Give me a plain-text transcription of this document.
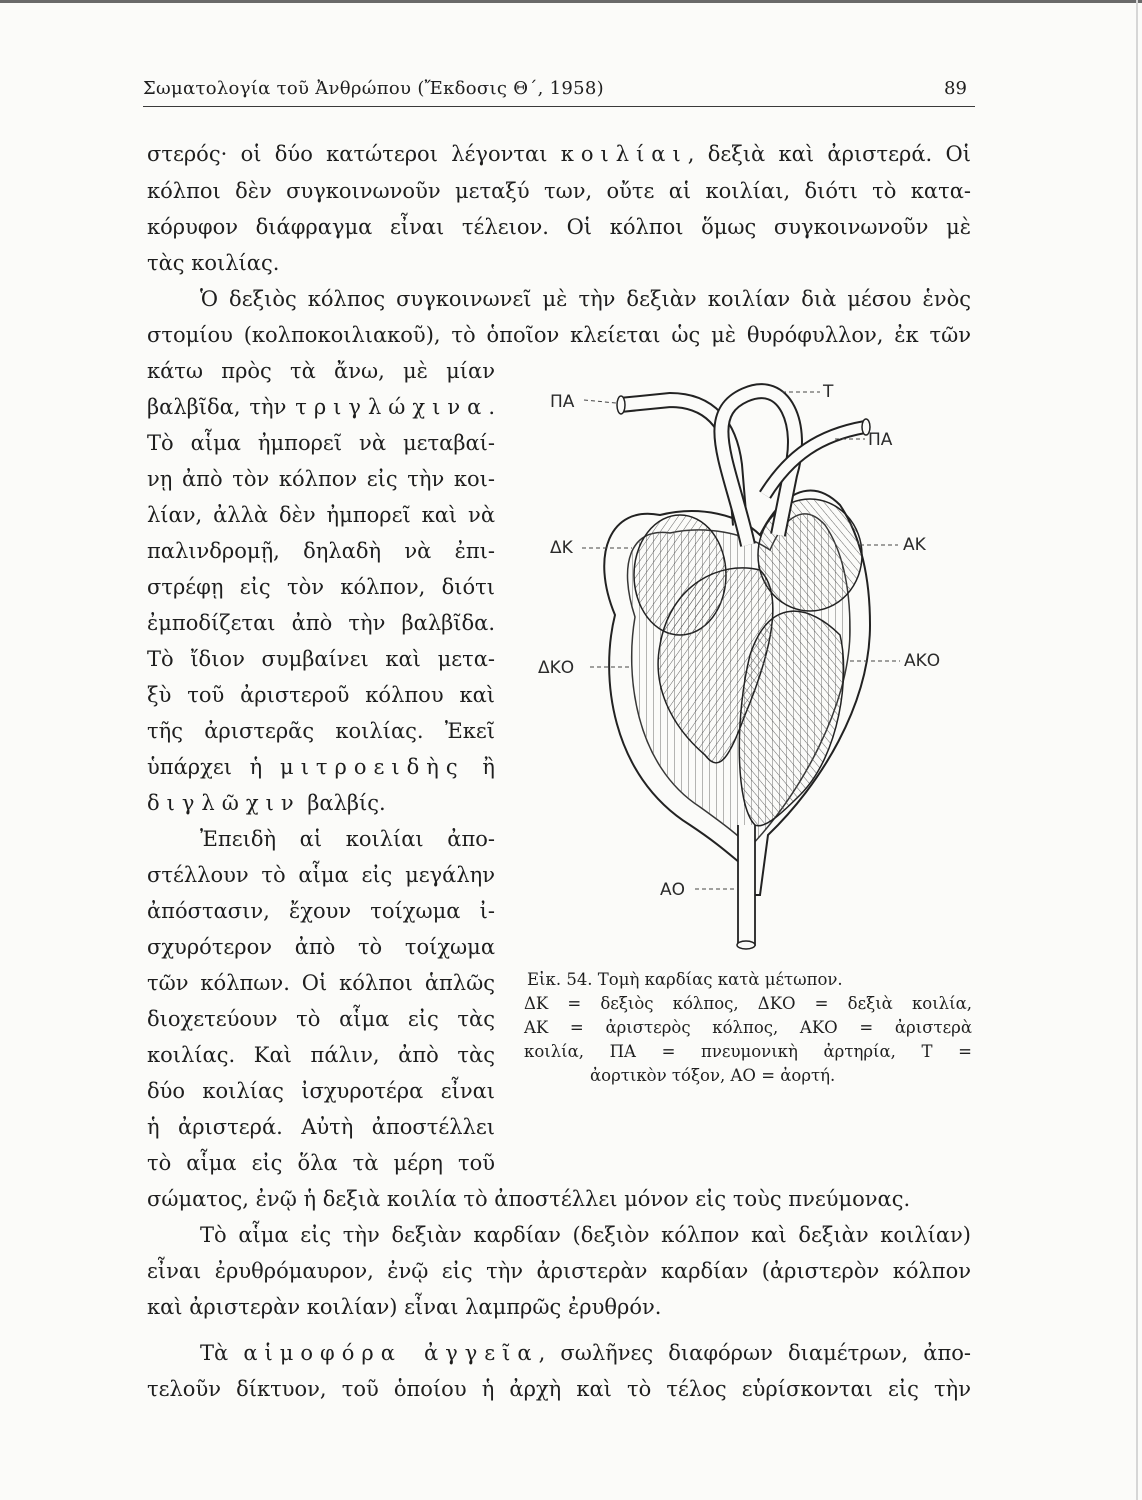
Σωματολογία τοῦ Ἀνθρώπου (Ἔκδοσις Θ΄, 1958)	89
στερός· οἱ δύο κατώτεροι λέγονται κοιλίαι, δεξιὰ καὶ ἀριστερά. Οἱ
κόλποι δὲν συγκοινωνοῦν μεταξύ των, οὔτε αἱ κοιλίαι, διότι τὸ κατα-
κόρυφον διάφραγμα εἶναι τέλειον. Οἱ κόλποι ὅμως συγκοινωνοῦν μὲ
τὰς κοιλίας.
Ὁ δεξιὸς κόλπος συγκοινωνεῖ μὲ τὴν δεξιὰν κοιλίαν διὰ μέσου ἑνὸς
στομίου (κολποκοιλιακοῦ), τὸ ὁποῖον κλείεται ὡς μὲ θυρόφυλλον, ἐκ τῶν
κάτω πρὸς τὰ ἄνω, μὲ μίαν
βαλβῖδα, τὴν τριγλώχινα.
Τὸ αἷμα ἠμπορεῖ νὰ μεταβαί-
νῃ ἀπὸ τὸν κόλπον εἰς τὴν κοι-
λίαν, ἀλλὰ δὲν ἠμπορεῖ καὶ νὰ
παλινδρομῇ, δηλαδὴ νὰ ἐπι-
στρέφῃ εἰς τὸν κόλπον, διότι
ἐμποδίζεται ἀπὸ τὴν βαλβῖδα.
Τὸ ἴδιον συμβαίνει καὶ μετα-
ξὺ τοῦ ἀριστεροῦ κόλπου καὶ
τῆς ἀριστερᾶς κοιλίας. Ἐκεῖ
ὑπάρχει ἡ μιτροειδὴς ἢ
διγλῶχιν βαλβίς.
Ἐπειδὴ αἱ κοιλίαι ἀπο-
στέλλουν τὸ αἷμα εἰς μεγάλην
ἀπόστασιν, ἔχουν τοίχωμα ἰ-
σχυρότερον ἀπὸ τὸ τοίχωμα
τῶν κόλπων. Οἱ κόλποι ἁπλῶς
διοχετεύουν τὸ αἷμα εἰς τὰς
κοιλίας. Καὶ πάλιν, ἀπὸ τὰς
δύο κοιλίας ἰσχυροτέρα εἶναι
ἡ ἀριστερά. Αὐτὴ ἀποστέλλει
τὸ αἷμα εἰς ὅλα τὰ μέρη τοῦ
σώματος, ἐνῷ ἡ δεξιὰ κοιλία τὸ ἀποστέλλει μόνον εἰς τοὺς πνεύμονας.
Τὸ αἷμα εἰς τὴν δεξιὰν καρδίαν (δεξιὸν κόλπον καὶ δεξιὰν κοιλίαν)
εἶναι ἐρυθρόμαυρον, ἐνῷ εἰς τὴν ἀριστερὰν καρδίαν (ἀριστερὸν κόλπον
καὶ ἀριστερὰν κοιλίαν) εἶναι λαμπρῶς ἐρυθρόν.
Τὰ αἱμοφόρα ἀγγεῖα, σωλῆνες διαφόρων διαμέτρων, ἀπο-
τελοῦν δίκτυον, τοῦ ὁποίου ἡ ἀρχὴ καὶ τὸ τέλος εὑρίσκονται εἰς τὴν
ΠΑ	Τ
ΠΑ
ΔΚ	ΑΚ
ΔΚΟ	ΑΚΟ
ΑΟ
Εἰκ. 54. Τομὴ καρδίας κατὰ μέτωπον.
ΔΚ = δεξιὸς κόλπος, ΔΚΟ = δεξιὰ κοιλία,
ΑΚ = ἀριστερὸς κόλπος, ΑΚΟ = ἀριστερὰ
κοιλία, ΠΑ = πνευμονικὴ ἀρτηρία, Τ =
ἀορτικὸν τόξον, ΑΟ = ἀορτή.
